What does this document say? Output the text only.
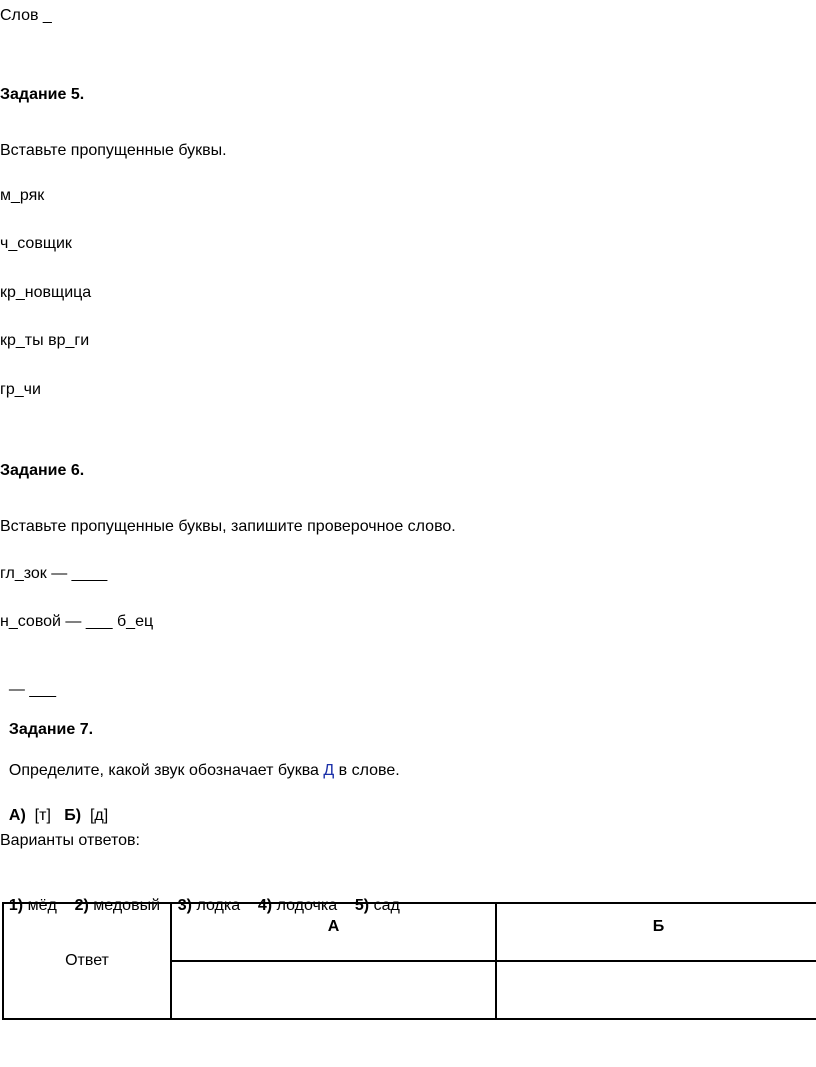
Слов _
Задание 5.
Вставьте пропущенные буквы.
м_ряк
ч_совщик
кр_новщица
кр_ты вр_ги
гр_чи
Задание 6.
Вставьте пропущенные буквы, запишите проверочное слово.
гл_зок — ____
н_совой — ___ б_ец

— ___

Задание 7.

Определите, какой звук обозначает буква Д в слове.

А) [т] Б) [д]

Варианты ответов:

1) мёд 2) медовый 3) лодка 4) лодочка 5) сад

Ответ	А	Б
